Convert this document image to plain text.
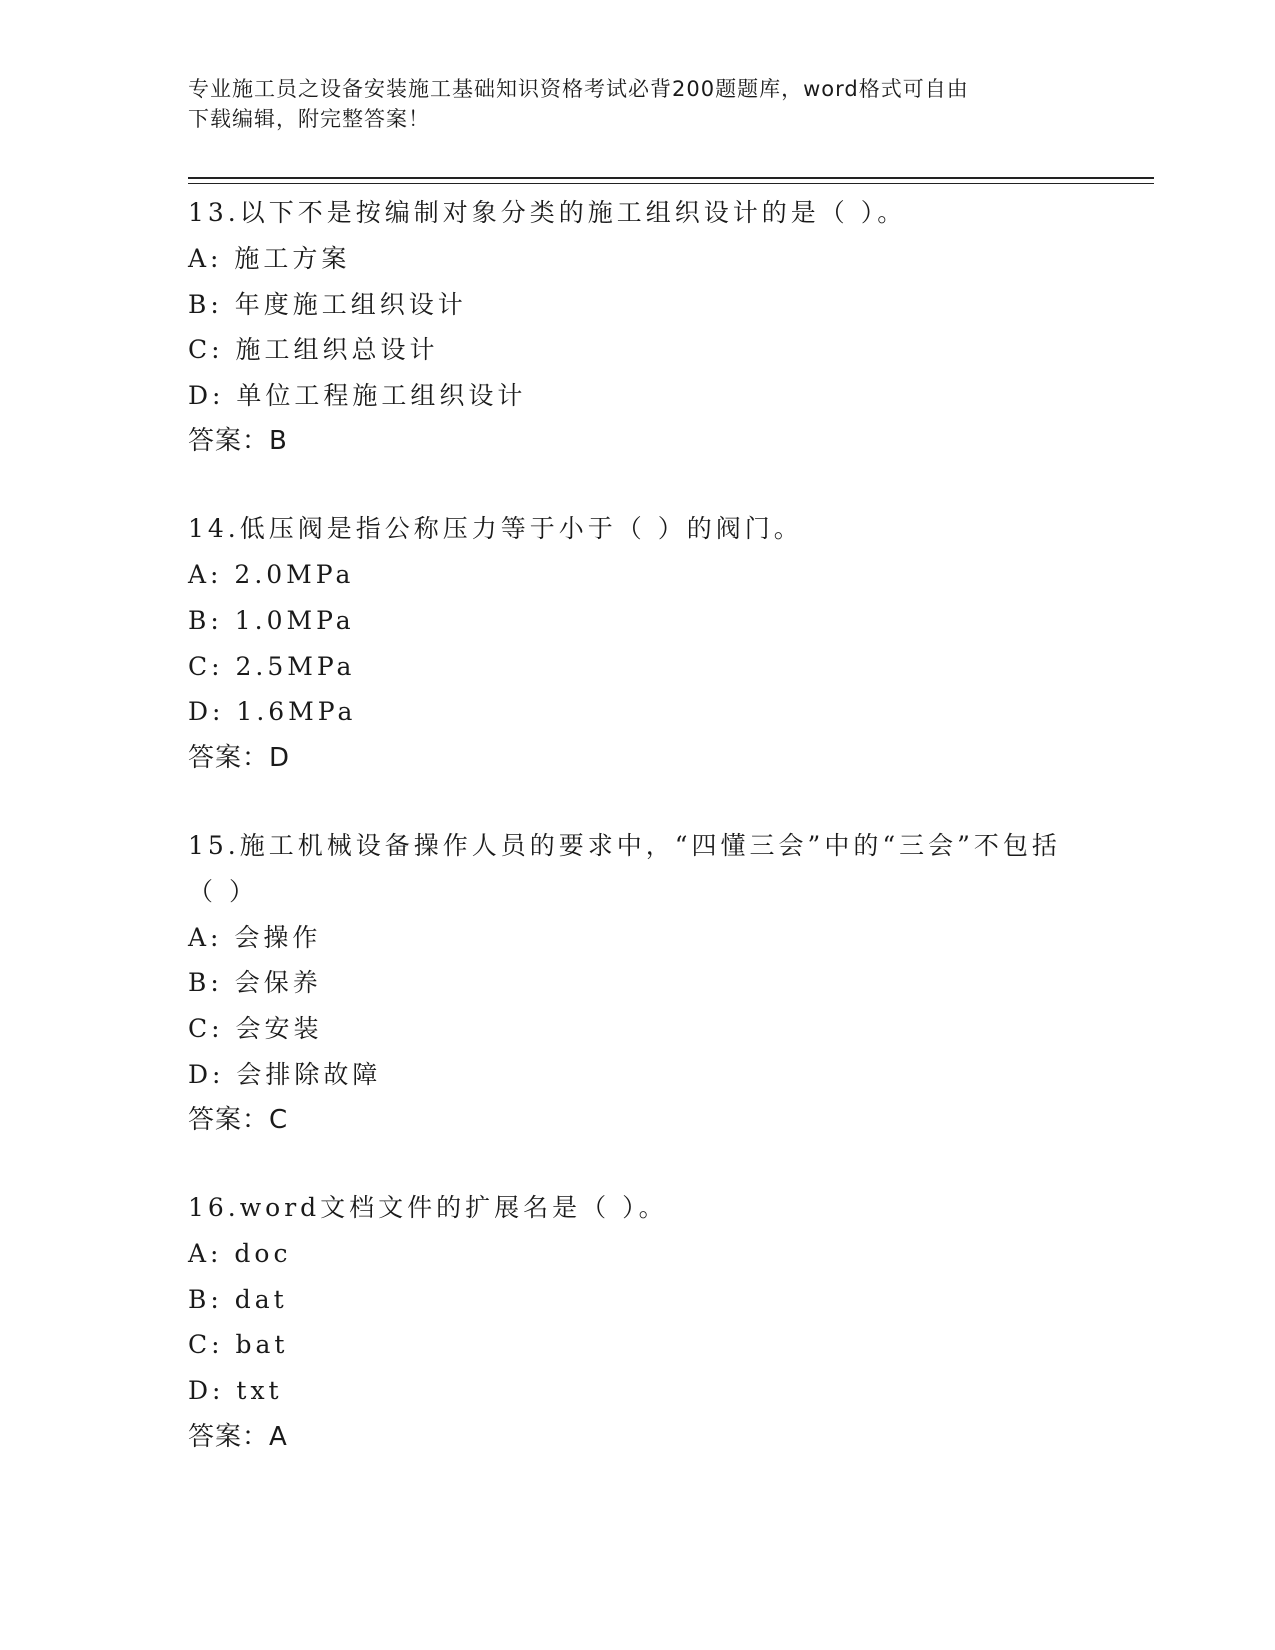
专业施工员之设备安装施工基础知识资格考试必背200题题库，word格式可自由
下载编辑，附完整答案！
13.以下不是按编制对象分类的施工组织设计的是（ ）。
A: 施工方案
B: 年度施工组织设计
C: 施工组织总设计
D: 单位工程施工组织设计
答案：B
14.低压阀是指公称压力等于小于（ ）的阀门。
A: 2.0MPa
B: 1.0MPa
C: 2.5MPa
D: 1.6MPa
答案：D
15.施工机械设备操作人员的要求中，“四懂三会”中的“三会”不包括（ ）
A: 会操作
B: 会保养
C: 会安装
D: 会排除故障
答案：C
16.word文档文件的扩展名是（ ）。
A: doc
B: dat
C: bat
D: txt
答案：A
